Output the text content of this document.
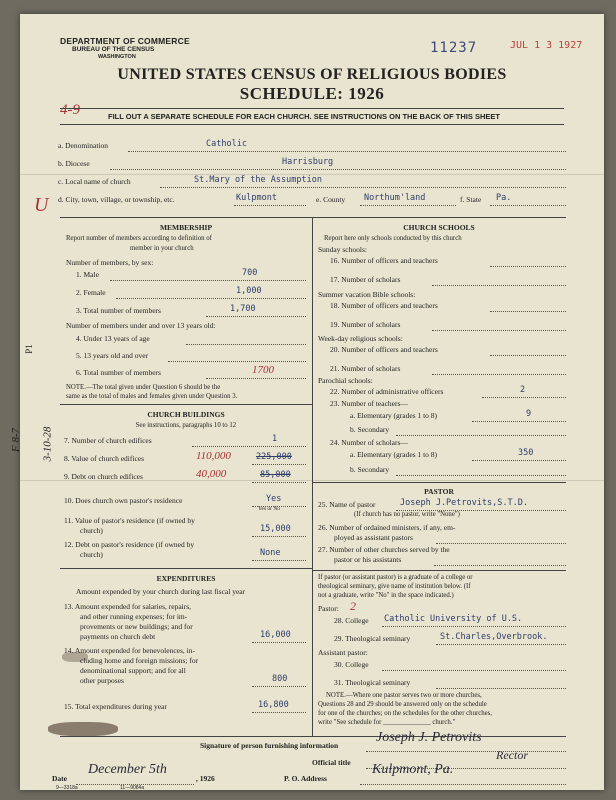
DEPARTMENT OF COMMERCE
BUREAU OF THE CENSUS
WASHINGTON
11237	JUL 1 3 1927
UNITED STATES CENSUS OF RELIGIOUS BODIES
SCHEDULE: 1926
4-9	FILL OUT A SEPARATE SCHEDULE FOR EACH CHURCH. SEE INSTRUCTIONS ON THE BACK OF THIS SHEET
a. Denomination	Catholic
b. Diocese	Harrisburg
c. Local name of church	St.Mary of the Assumption
d. City, town, village, or township, etc.	Kulpmont	e. County Northum'land	f. State Pa.
U
P1
F 8-7 3-10-28
MEMBERSHIP
Report number of members according to definition of
member in your church
Number of members, by sex:
1. Male	700
2. Female	1,000
3. Total number of members	1,700
Number of members under and over 13 years old:
4. Under 13 years of age
5. 13 years old and over
6. Total number of members	1700
NOTE.—The total given under Question 6 should be the
same as the total of males and females given under Question 3.
CHURCH BUILDINGS
See instructions, paragraphs 10 to 12
7. Number of church edifices	1
8. Value of church edifices	110,000	225,000
9. Debt on church edifices	40,000	85,000
10. Does church own pastor's residence	Yes
Yes or No
11. Value of pastor's residence (if owned by
church)	15,000
12. Debt on pastor's residence (if owned by
church)	None
EXPENDITURES
Amount expended by your church during last fiscal year
13. Amount expended for salaries, repairs,
and other running expenses; for im-
provements or new buildings; and for
payments on church debt	16,000
14. Amount expended for benevolences, in-
cluding home and foreign missions; for
denominational support; and for all
other purposes	800
15. Total expenditures during year	16,800
CHURCH SCHOOLS
Report here only schools conducted by this church
Sunday schools:
16. Number of officers and teachers
17. Number of scholars
Summer vacation Bible schools:
18. Number of officers and teachers
19. Number of scholars
Week-day religious schools:
20. Number of officers and teachers
21. Number of scholars
Parochial schools:
22. Number of administrative officers	2
23. Number of teachers—
a. Elementary (grades 1 to 8)	9
b. Secondary
24. Number of scholars—
a. Elementary (grades 1 to 8)	350
b. Secondary
PASTOR
25. Name of pastor	Joseph J.Petrovits,S.T.D.
(If church has no pastor, write "None")
26. Number of ordained ministers, if any, em-
ployed as assistant pastors
27. Number of other churches served by the
pastor or his assistants
If pastor (or assistant pastor) is a graduate of a college or
theological seminary, give name of institution below. (If
not a graduate, write "No" in the space indicated.)
Pastor: 2
28. College Catholic University of U.S.
29. Theological seminary	St.Charles,Overbrook.
Assistant pastor:
30. College
31. Theological seminary
NOTE.—Where one pastor serves two or more churches,
Questions 28 and 29 should be answered only on the schedule
for one of the churches; on the schedules for the other churches,
write "See schedule for ______________ church."
Signature of person furnishing information
Joseph J. Petrovits
Official title
Rector
Date
December 5th
, 1926	P. O. Address
Kulpmont, Pa.
9—3318a	11—9084a
